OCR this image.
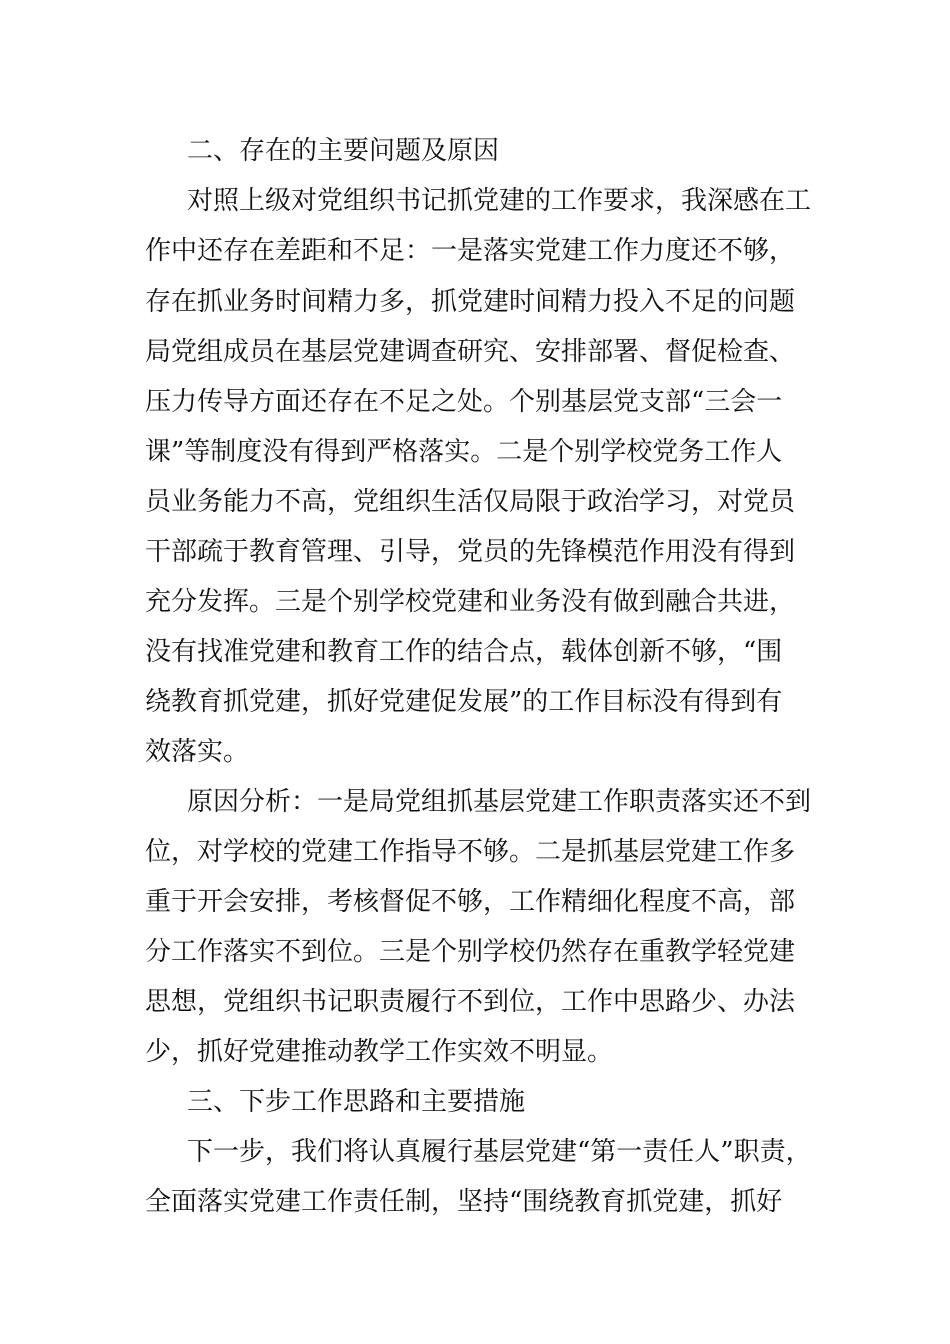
二、存在的主要问题及原因
对照上级对党组织书记抓党建的工作要求，我深感在工
作中还存在差距和不足：一是落实党建工作力度还不够，
存在抓业务时间精力多，抓党建时间精力投入不足的问题
局党组成员在基层党建调查研究、安排部署、督促检查、
压力传导方面还存在不足之处。个别基层党支部“三会一
课”等制度没有得到严格落实。二是个别学校党务工作人
员业务能力不高，党组织生活仅局限于政治学习，对党员
干部疏于教育管理、引导，党员的先锋模范作用没有得到
充分发挥。三是个别学校党建和业务没有做到融合共进，
没有找准党建和教育工作的结合点，载体创新不够，“围
绕教育抓党建，抓好党建促发展”的工作目标没有得到有
效落实。
原因分析：一是局党组抓基层党建工作职责落实还不到
位，对学校的党建工作指导不够。二是抓基层党建工作多
重于开会安排，考核督促不够，工作精细化程度不高，部
分工作落实不到位。三是个别学校仍然存在重教学轻党建
思想，党组织书记职责履行不到位，工作中思路少、办法
少，抓好党建推动教学工作实效不明显。
三、下步工作思路和主要措施
下一步，我们将认真履行基层党建“第一责任人”职责，
全面落实党建工作责任制，坚持“围绕教育抓党建，抓好
